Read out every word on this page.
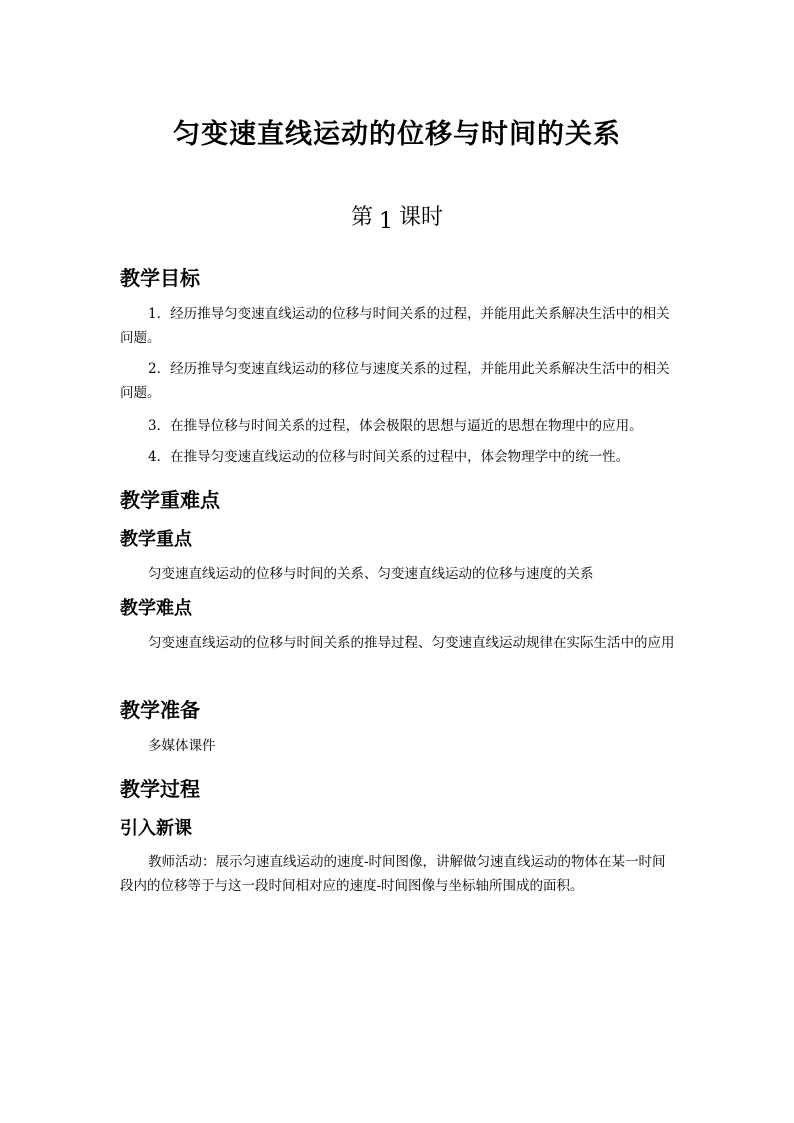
匀变速直线运动的位移与时间的关系
第 1 课时
教学目标
1．经历推导匀变速直线运动的位移与时间关系的过程，并能用此关系解决生活中的相关问题。
2．经历推导匀变速直线运动的移位与速度关系的过程，并能用此关系解决生活中的相关问题。
3．在推导位移与时间关系的过程，体会极限的思想与逼近的思想在物理中的应用。
4．在推导匀变速直线运动的位移与时间关系的过程中，体会物理学中的统一性。
教学重难点
教学重点
匀变速直线运动的位移与时间的关系、匀变速直线运动的位移与速度的关系
教学难点
匀变速直线运动的位移与时间关系的推导过程、匀变速直线运动规律在实际生活中的应用
教学准备
多媒体课件
教学过程
引入新课
教师活动：展示匀速直线运动的速度-时间图像，讲解做匀速直线运动的物体在某一时间段内的位移等于与这一段时间相对应的速度-时间图像与坐标轴所围成的面积。
